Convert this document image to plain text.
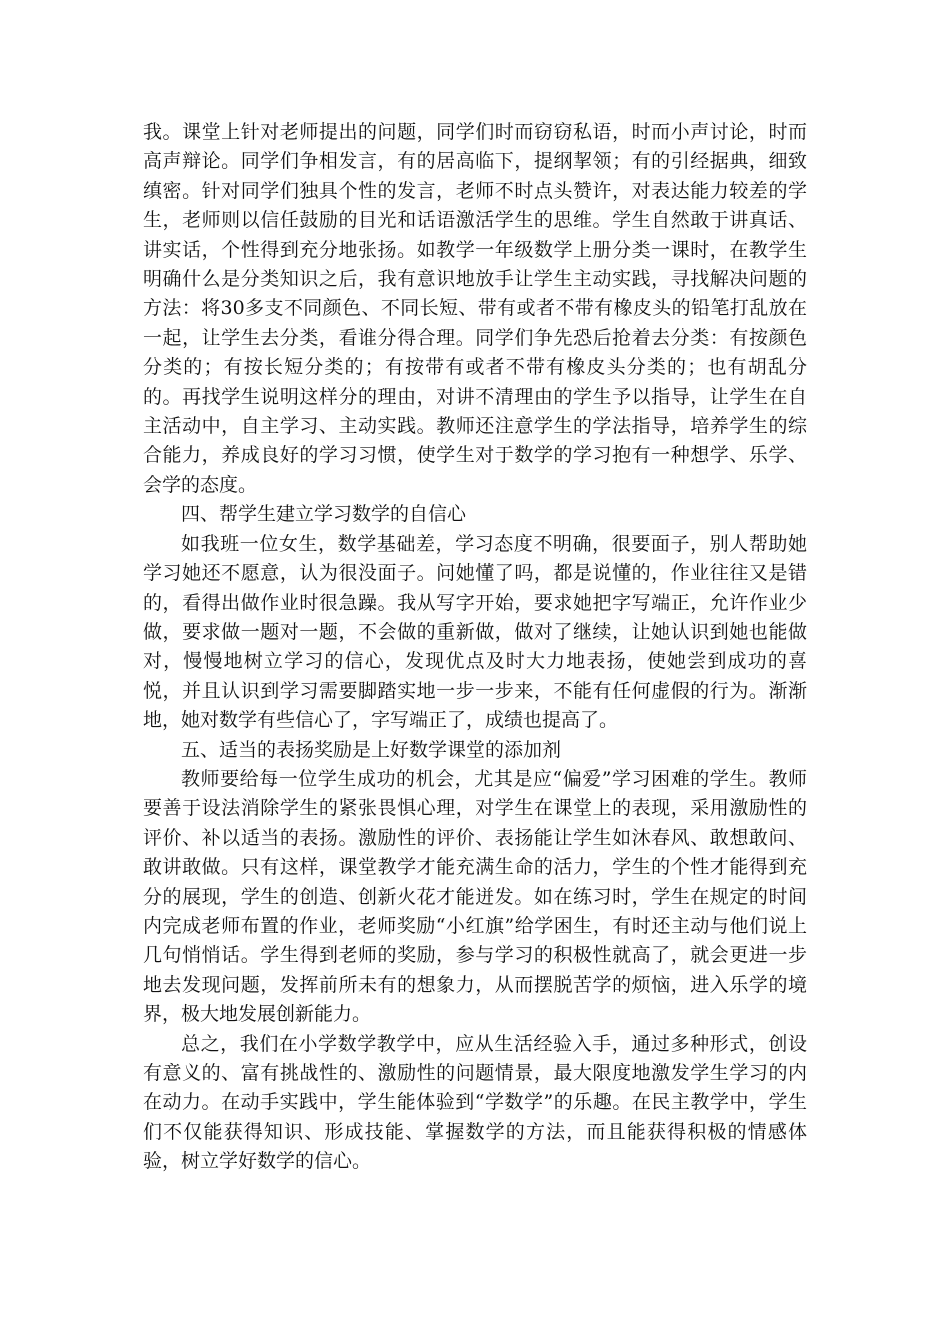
我。课堂上针对老师提出的问题，同学们时而窃窃私语，时而小声讨论，时而高声辩论。同学们争相发言，有的居高临下，提纲挈领；有的引经据典，细致缜密。针对同学们独具个性的发言，老师不时点头赞许，对表达能力较差的学生，老师则以信任鼓励的目光和话语激活学生的思维。学生自然敢于讲真话、讲实话，个性得到充分地张扬。如教学一年级数学上册分类一课时，在教学生明确什么是分类知识之后，我有意识地放手让学生主动实践，寻找解决问题的方法：将30多支不同颜色、不同长短、带有或者不带有橡皮头的铅笔打乱放在一起，让学生去分类，看谁分得合理。同学们争先恐后抢着去分类：有按颜色分类的；有按长短分类的；有按带有或者不带有橡皮头分类的；也有胡乱分的。再找学生说明这样分的理由，对讲不清理由的学生予以指导，让学生在自主活动中，自主学习、主动实践。教师还注意学生的学法指导，培养学生的综合能力，养成良好的学习习惯，使学生对于数学的学习抱有一种想学、乐学、会学的态度。

四、帮学生建立学习数学的自信心

如我班一位女生，数学基础差，学习态度不明确，很要面子，别人帮助她学习她还不愿意，认为很没面子。问她懂了吗，都是说懂的，作业往往又是错的，看得出做作业时很急躁。我从写字开始，要求她把字写端正，允许作业少做，要求做一题对一题，不会做的重新做，做对了继续，让她认识到她也能做对，慢慢地树立学习的信心，发现优点及时大力地表扬，使她尝到成功的喜悦，并且认识到学习需要脚踏实地一步一步来，不能有任何虚假的行为。渐渐地，她对数学有些信心了，字写端正了，成绩也提高了。

五、适当的表扬奖励是上好数学课堂的添加剂

教师要给每一位学生成功的机会，尤其是应“偏爱”学习困难的学生。教师要善于设法消除学生的紧张畏惧心理，对学生在课堂上的表现，采用激励性的评价、补以适当的表扬。激励性的评价、表扬能让学生如沐春风、敢想敢问、敢讲敢做。只有这样，课堂教学才能充满生命的活力，学生的个性才能得到充分的展现，学生的创造、创新火花才能迸发。如在练习时，学生在规定的时间内完成老师布置的作业，老师奖励“小红旗”给学困生，有时还主动与他们说上几句悄悄话。学生得到老师的奖励，参与学习的积极性就高了，就会更进一步地去发现问题，发挥前所未有的想象力，从而摆脱苦学的烦恼，进入乐学的境界，极大地发展创新能力。

总之，我们在小学数学教学中，应从生活经验入手，通过多种形式，创设有意义的、富有挑战性的、激励性的问题情景，最大限度地激发学生学习的内在动力。在动手实践中，学生能体验到“学数学”的乐趣。在民主教学中，学生们不仅能获得知识、形成技能、掌握数学的方法，而且能获得积极的情感体验，树立学好数学的信心。
